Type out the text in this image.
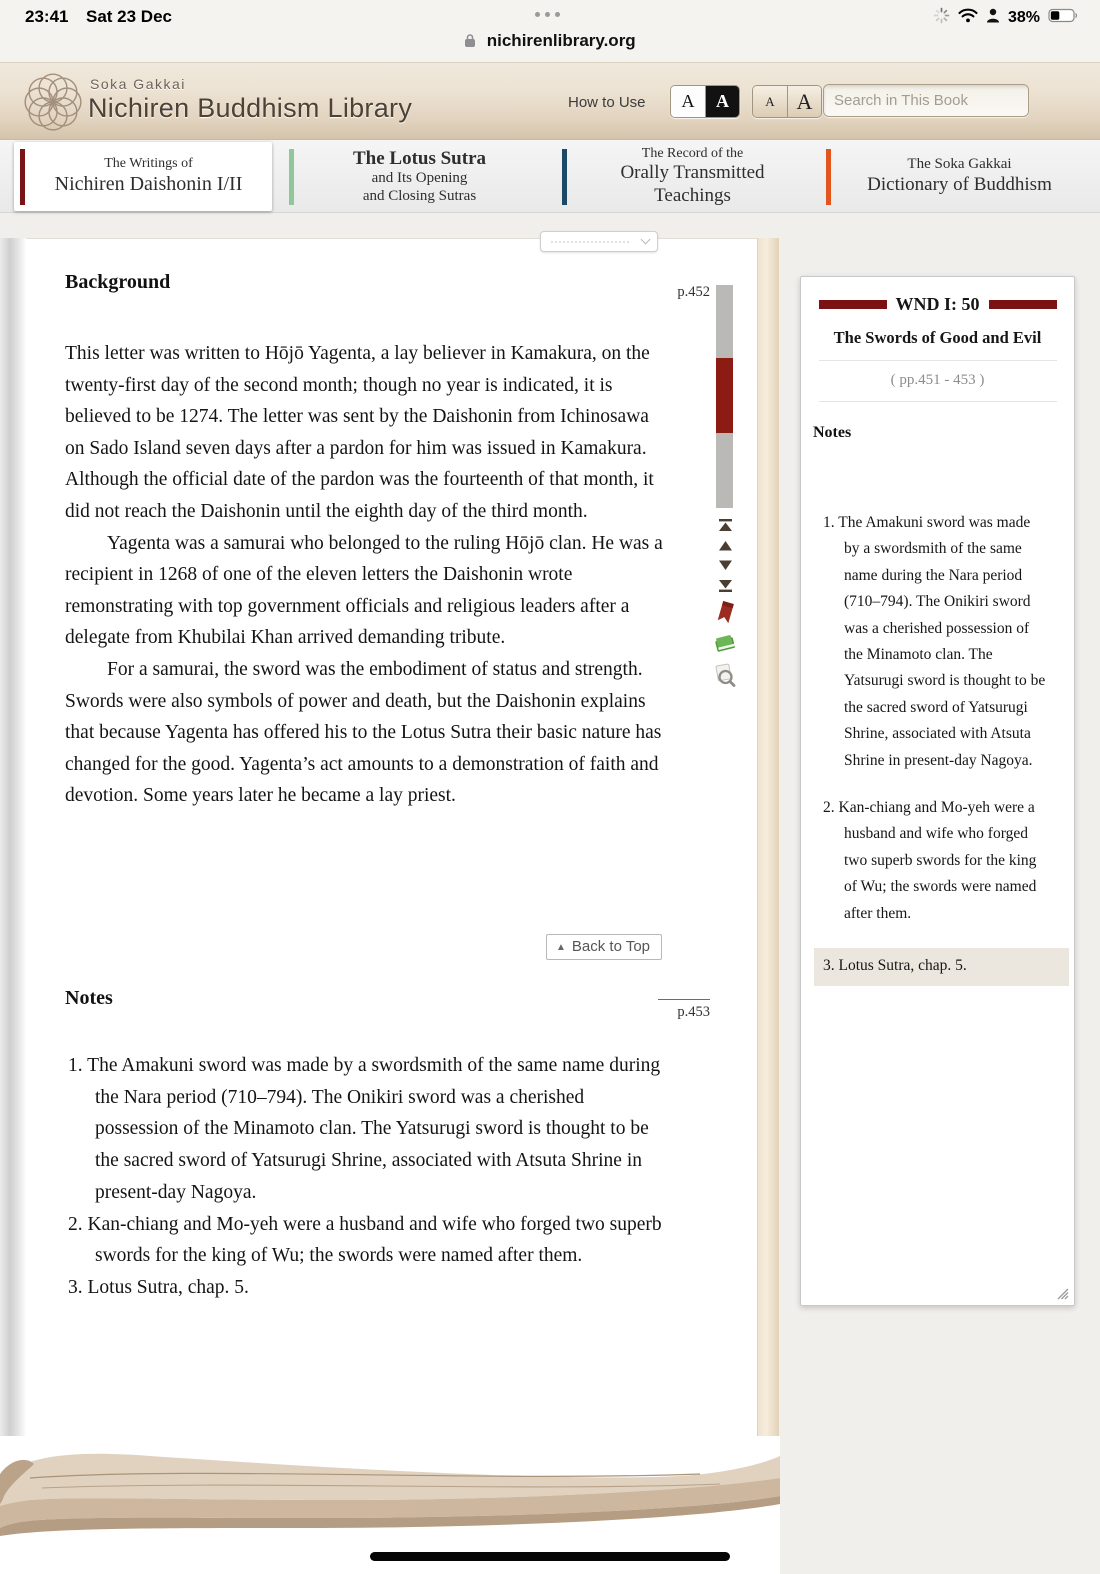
23:41 Sat 23 Dec	38%
nichirenlibrary.org
Soka Gakkai
Nichiren Buddhism Library	How to Use	A	A	A A
Search in This Book
The Writings of
Nichiren Daishonin I/II
The Lotus Sutra
and Its Opening
and Closing Sutras
The Record of the
Orally Transmitted
Teachings
The Soka Gakkai
Dictionary of Buddhism
Background	p.452

This letter was written to Hōjō Yagenta, a lay believer in Kamakura, on the twenty-first day of the second month; though no year is indicated, it is believed to be 1274. The letter was sent by the Daishonin from Ichinosawa on Sado Island seven days after a pardon for him was issued in Kamakura. Although the official date of the pardon was the fourteenth of that month, it did not reach the Daishonin until the eighth day of the third month.

Yagenta was a samurai who belonged to the ruling Hōjō clan. He was a recipient in 1268 of one of the eleven letters the Daishonin wrote remonstrating with top government officials and religious leaders after a delegate from Khubilai Khan arrived demanding tribute.

For a samurai, the sword was the embodiment of status and strength. Swords were also symbols of power and death, but the Daishonin explains that because Yagenta has offered his to the Lotus Sutra their basic nature has changed for the good. Yagenta’s act amounts to a demonstration of faith and devotion. Some years later he became a lay priest.

▲ Back to Top
Notes
p.453

1. The Amakuni sword was made by a swordsmith of the same name during the Nara period (710–794). The Onikiri sword was a cherished possession of the Minamoto clan. The Yatsurugi sword is thought to be the sacred sword of Yatsurugi Shrine, associated with Atsuta Shrine in present-day Nagoya.

2. Kan-chiang and Mo-yeh were a husband and wife who forged two superb swords for the king of Wu; the swords were named after them.

3. Lotus Sutra, chap. 5.

WND I: 50
The Swords of Good and Evil
( pp.451 - 453 )
Notes

1. The Amakuni sword was made by a swordsmith of the same name during the Nara period (710–794). The Onikiri sword was a cherished possession of the Minamoto clan. The Yatsurugi sword is thought to be the sacred sword of Yatsurugi Shrine, associated with Atsuta Shrine in present-day Nagoya.

2. Kan-chiang and Mo-yeh were a husband and wife who forged two superb swords for the king of Wu; the swords were named after them.

3. Lotus Sutra, chap. 5.
